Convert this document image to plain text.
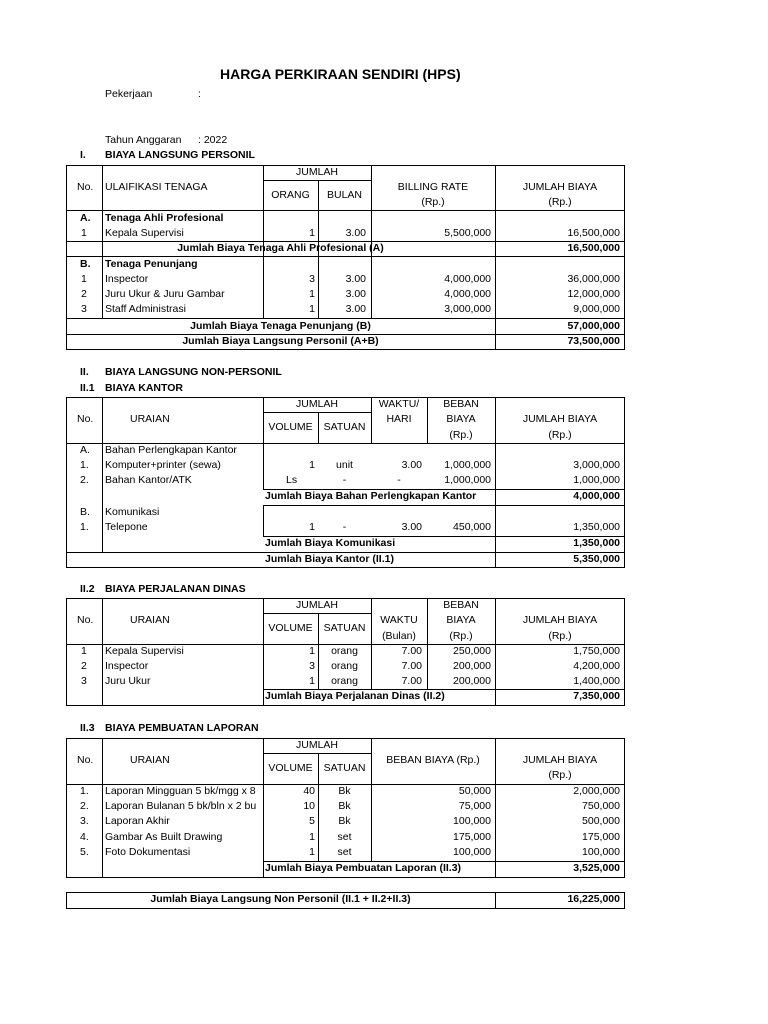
HARGA PERKIRAAN SENDIRI (HPS)
Pekerjaan	:
Tahun Anggaran : 2022
I. BIAYA LANGSUNG PERSONIL
No. ULAIFIKASI TENAGA
JUMLAH
ORANG	BULAN
BILLING RATE
(Rp.)
JUMLAH BIAYA
(Rp.)
A. Tenaga Ahli Profesional
1 Kepala Supervisi	1	3.00	5,500,000	16,500,000
Jumlah Biaya Tenaga Ahli Profesional (A)	16,500,000
B. Tenaga Penunjang
1 Inspector	3	3.00	4,000,000	36,000,000
2 Juru Ukur & Juru Gambar	1	3.00	4,000,000	12,000,000
3 Staff Administrasi	1	3.00	3,000,000	9,000,000
Jumlah Biaya Tenaga Penunjang (B)	57,000,000
Jumlah Biaya Langsung Personil (A+B)	73,500,000
II. BIAYA LANGSUNG NON-PERSONIL
II.1 BIAYA KANTOR
No.	URAIAN
JUMLAH
VOLUME	SATUAN
WAKTU/
HARI
BEBAN
BIAYA
(Rp.)
JUMLAH BIAYA
(Rp.)
A. Bahan Perlengkapan Kantor
1. Komputer+printer (sewa)	1	unit	3.00	1,000,000	3,000,000
2. Bahan Kantor/ATK	Ls	-	-	1,000,000	1,000,000
Jumlah Biaya Bahan Perlengkapan Kantor	4,000,000
B. Komunikasi
1. Telepone	1	-	3.00	450,000	1,350,000
Jumlah Biaya Komunikasi	1,350,000
Jumlah Biaya Kantor (II.1)	5,350,000
II.2 BIAYA PERJALANAN DINAS
No.	URAIAN
JUMLAH
VOLUME	SATUAN
WAKTU
(Bulan)
BEBAN
BIAYA
(Rp.)
JUMLAH BIAYA
(Rp.)
1 Kepala Supervisi	1	orang	7.00	250,000	1,750,000
2 Inspector	3	orang	7.00	200,000	4,200,000
3 Juru Ukur	1	orang	7.00	200,000	1,400,000
Jumlah Biaya Perjalanan Dinas (II.2)	7,350,000
II.3 BIAYA PEMBUATAN LAPORAN
No.	URAIAN
JUMLAH
VOLUME	SATUAN
BEBAN BIAYA (Rp.)	JUMLAH BIAYA
(Rp.)
1. Laporan Mingguan 5 bk/mgg x 8	40	Bk	50,000	2,000,000
2. Laporan Bulanan 5 bk/bln x 2 bu	10	Bk	75,000	750,000
3. Laporan Akhir	5	Bk	100,000	500,000
4. Gambar As Built Drawing	1	set	175,000	175,000
5. Foto Dokumentasi	1	set	100,000	100,000
Jumlah Biaya Pembuatan Laporan (II.3)	3,525,000
Jumlah Biaya Langsung Non Personil (II.1 + II.2+II.3)	16,225,000
